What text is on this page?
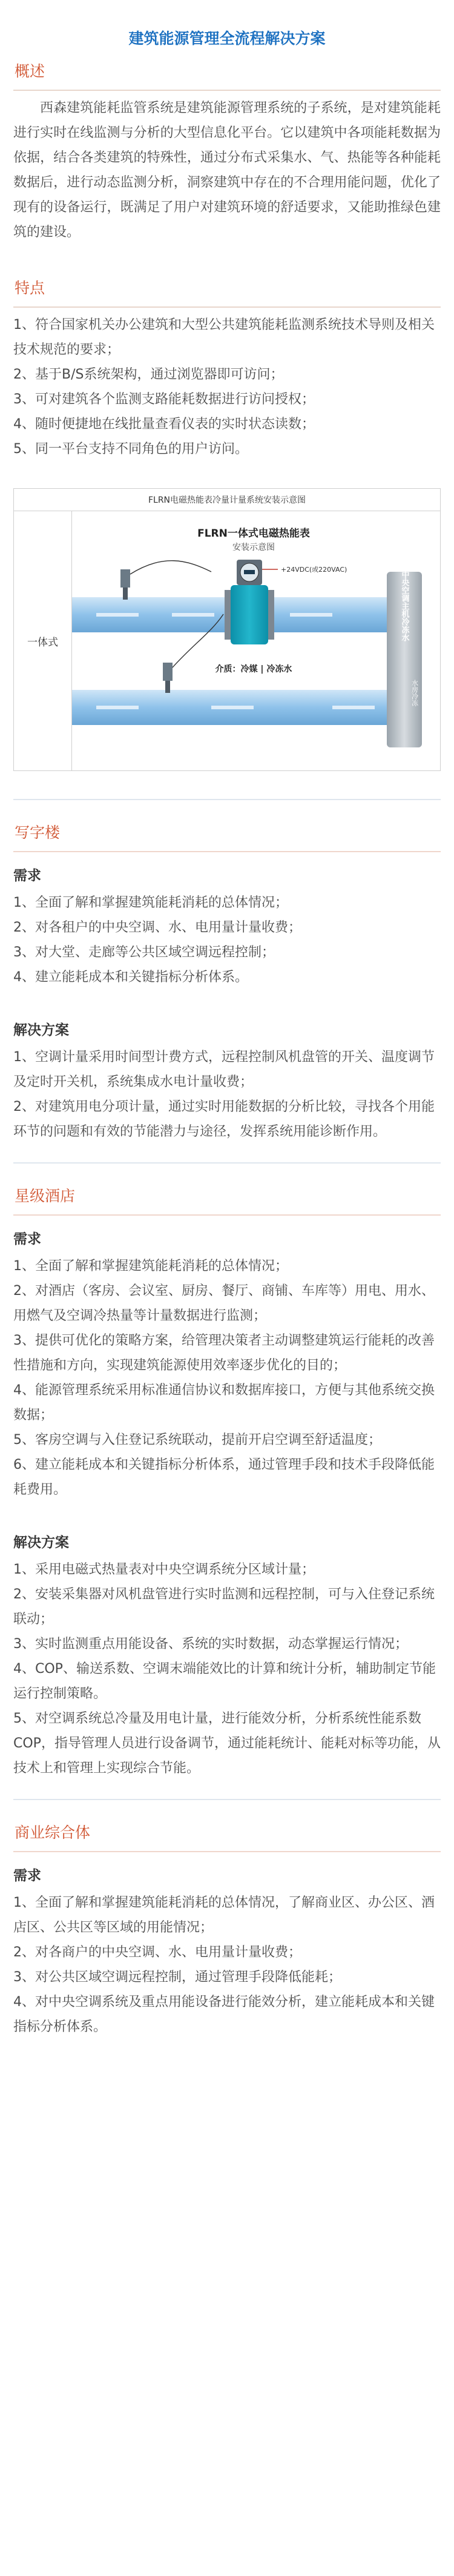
建筑能源管理全流程解决方案
概述

西森建筑能耗监管系统是建筑能源管理系统的子系统，是对建筑能耗进行实时在线监测与分析的大型信息化平台。它以建筑中各项能耗数据为依据，结合各类建筑的特殊性，通过分布式采集水、气、热能等各种能耗数据后，进行动态监测分析，洞察建筑中存在的不合理用能问题，优化了现有的设备运行，既满足了用户对建筑环境的舒适要求，又能助推绿色建筑的建设。

特点
1、符合国家机关办公建筑和大型公共建筑能耗监测系统技术导则及相关技术规范的要求；
2、基于B/S系统架构，通过浏览器即可访问；
3、可对建筑各个监测支路能耗数据进行访问授权；
4、随时便捷地在线批量查看仪表的实时状态读数；
5、同一平台支持不同角色的用户访问。
FLRN电磁热能表冷量计量系统安装示意图
一体式
FLRN一体式电磁热能表
安装示意图
去中央空调主机冷冻水
水房冷冻
+24VDC(或220VAC)
介质：冷媒 | 冷冻水
写字楼
需求
1、全面了解和掌握建筑能耗消耗的总体情况；
2、对各租户的中央空调、水、电用量计量收费；
3、对大堂、走廊等公共区域空调远程控制；
4、建立能耗成本和关键指标分析体系。
解决方案
1、空调计量采用时间型计费方式，远程控制风机盘管的开关、温度调节及定时开关机，系统集成水电计量收费；
2、对建筑用电分项计量，通过实时用能数据的分析比较，寻找各个用能环节的问题和有效的节能潜力与途径，发挥系统用能诊断作用。
星级酒店
需求
1、全面了解和掌握建筑能耗消耗的总体情况；
2、对酒店（客房、会议室、厨房、餐厅、商铺、车库等）用电、用水、用燃气及空调冷热量等计量数据进行监测；
3、提供可优化的策略方案，给管理决策者主动调整建筑运行能耗的改善性措施和方向，实现建筑能源使用效率逐步优化的目的；
4、能源管理系统采用标准通信协议和数据库接口，方便与其他系统交换数据；
5、客房空调与入住登记系统联动，提前开启空调至舒适温度；
6、建立能耗成本和关键指标分析体系，通过管理手段和技术手段降低能耗费用。
解决方案
1、采用电磁式热量表对中央空调系统分区域计量；
2、安装采集器对风机盘管进行实时监测和远程控制，可与入住登记系统联动；
3、实时监测重点用能设备、系统的实时数据，动态掌握运行情况；
4、COP、输送系数、空调末端能效比的计算和统计分析，辅助制定节能运行控制策略。
5、对空调系统总冷量及用电计量，进行能效分析，分析系统性能系数COP，指导管理人员进行设备调节，通过能耗统计、能耗对标等功能，从技术上和管理上实现综合节能。
商业综合体
需求
1、全面了解和掌握建筑能耗消耗的总体情况，了解商业区、办公区、酒店区、公共区等区域的用能情况；
2、对各商户的中央空调、水、电用量计量收费；
3、对公共区域空调远程控制，通过管理手段降低能耗；
4、对中央空调系统及重点用能设备进行能效分析，建立能耗成本和关键指标分析体系。
